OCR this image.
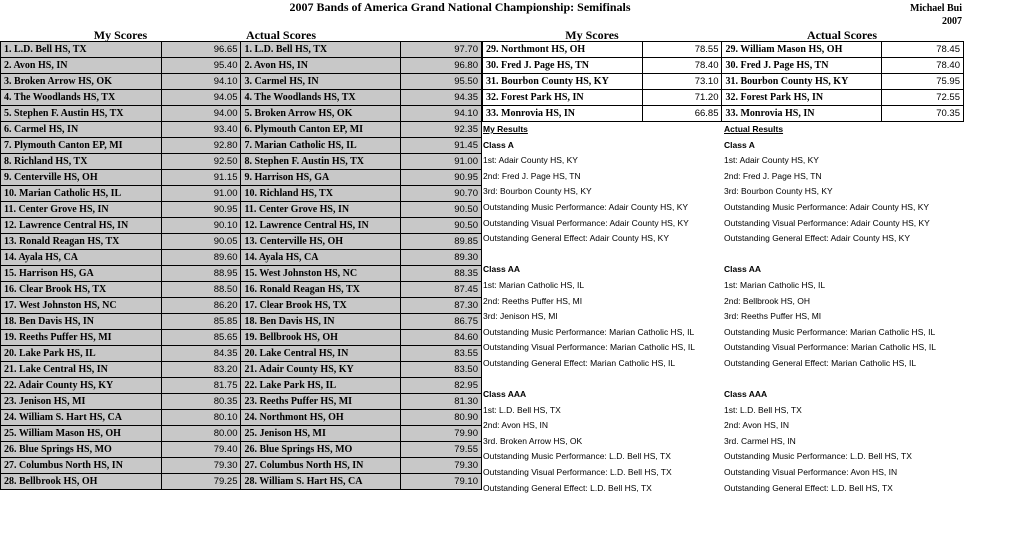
2007 Bands of America Grand National Championship: Semifinals	Michael Bui
2007
My Scores	Actual Scores	My Scores	Actual Scores
1. L.D. Bell HS, TX	96.65	1. L.D. Bell HS, TX	97.70
2. Avon HS, IN	95.40	2. Avon HS, IN	96.80
3. Broken Arrow HS, OK	94.10	3. Carmel HS, IN	95.50
4. The Woodlands HS, TX	94.05	4. The Woodlands HS, TX	94.35
5. Stephen F. Austin HS, TX	94.00	5. Broken Arrow HS, OK	94.10
6. Carmel HS, IN	93.40	6. Plymouth Canton EP, MI	92.35
7. Plymouth Canton EP, MI	92.80	7. Marian Catholic HS, IL	91.45
8. Richland HS, TX	92.50	8. Stephen F. Austin HS, TX	91.00
9. Centerville HS, OH	91.15	9. Harrison HS, GA	90.95
10. Marian Catholic HS, IL	91.00	10. Richland HS, TX	90.70
11. Center Grove HS, IN	90.95	11. Center Grove HS, IN	90.50
12. Lawrence Central HS, IN	90.10	12. Lawrence Central HS, IN	90.50
13. Ronald Reagan HS, TX	90.05	13. Centerville HS, OH	89.85
14. Ayala HS, CA	89.60	14. Ayala HS, CA	89.30
15. Harrison HS, GA	88.95	15. West Johnston HS, NC	88.35
16. Clear Brook HS, TX	88.50	16. Ronald Reagan HS, TX	87.45
17. West Johnston HS, NC	86.20	17. Clear Brook HS, TX	87.30
18. Ben Davis HS, IN	85.85	18. Ben Davis HS, IN	86.75
19. Reeths Puffer HS, MI	85.65	19. Bellbrook HS, OH	84.60
20. Lake Park HS, IL	84.35	20. Lake Central HS, IN	83.55
21. Lake Central HS, IN	83.20	21. Adair County HS, KY	83.50
22. Adair County HS, KY	81.75	22. Lake Park HS, IL	82.95
23. Jenison HS, MI	80.35	23. Reeths Puffer HS, MI	81.30
24. William S. Hart HS, CA	80.10	24. Northmont HS, OH	80.90
25. William Mason HS, OH	80.00	25. Jenison HS, MI	79.90
26. Blue Springs HS, MO	79.40	26. Blue Springs HS, MO	79.55
27. Columbus North HS, IN	79.30	27. Columbus North HS, IN	79.30
28. Bellbrook HS, OH	79.25	28. William S. Hart HS, CA	79.10
29. Northmont HS, OH	78.55	29. William Mason HS, OH	78.45
30. Fred J. Page HS, TN	78.40	30. Fred J. Page HS, TN	78.40
31. Bourbon County HS, KY	73.10	31. Bourbon County HS, KY	75.95
32. Forest Park HS, IN	71.20	32. Forest Park HS, IN	72.55
33. Monrovia HS, IN	66.85	33. Monrovia HS, IN	70.35
My Results
Class A
1st: Adair County HS, KY
2nd: Fred J. Page HS, TN
3rd: Bourbon County HS, KY
Outstanding Music Performance: Adair County HS, KY
Outstanding Visual Performance: Adair County HS, KY
Outstanding General Effect: Adair County HS, KY
Class AA
1st: Marian Catholic HS, IL
2nd: Reeths Puffer HS, MI
3rd: Jenison HS, MI
Outstanding Music Performance: Marian Catholic HS, IL
Outstanding Visual Performance: Marian Catholic HS, IL
Outstanding General Effect: Marian Catholic HS, IL
Class AAA
1st: L.D. Bell HS, TX
2nd: Avon HS, IN
3rd. Broken Arrow HS, OK
Outstanding Music Performance: L.D. Bell HS, TX
Outstanding Visual Performance: L.D. Bell HS, TX
Outstanding General Effect: L.D. Bell HS, TX
Actual Results
Class A
1st: Adair County HS, KY
2nd: Fred J. Page HS, TN
3rd: Bourbon County HS, KY
Outstanding Music Performance: Adair County HS, KY
Outstanding Visual Performance: Adair County HS, KY
Outstanding General Effect: Adair County HS, KY
Class AA
1st: Marian Catholic HS, IL
2nd: Bellbrook HS, OH
3rd: Reeths Puffer HS, MI
Outstanding Music Performance: Marian Catholic HS, IL
Outstanding Visual Performance: Marian Catholic HS, IL
Outstanding General Effect: Marian Catholic HS, IL
Class AAA
1st: L.D. Bell HS, TX
2nd: Avon HS, IN
3rd. Carmel HS, IN
Outstanding Music Performance: L.D. Bell HS, TX
Outstanding Visual Performance: Avon HS, IN
Outstanding General Effect: L.D. Bell HS, TX
